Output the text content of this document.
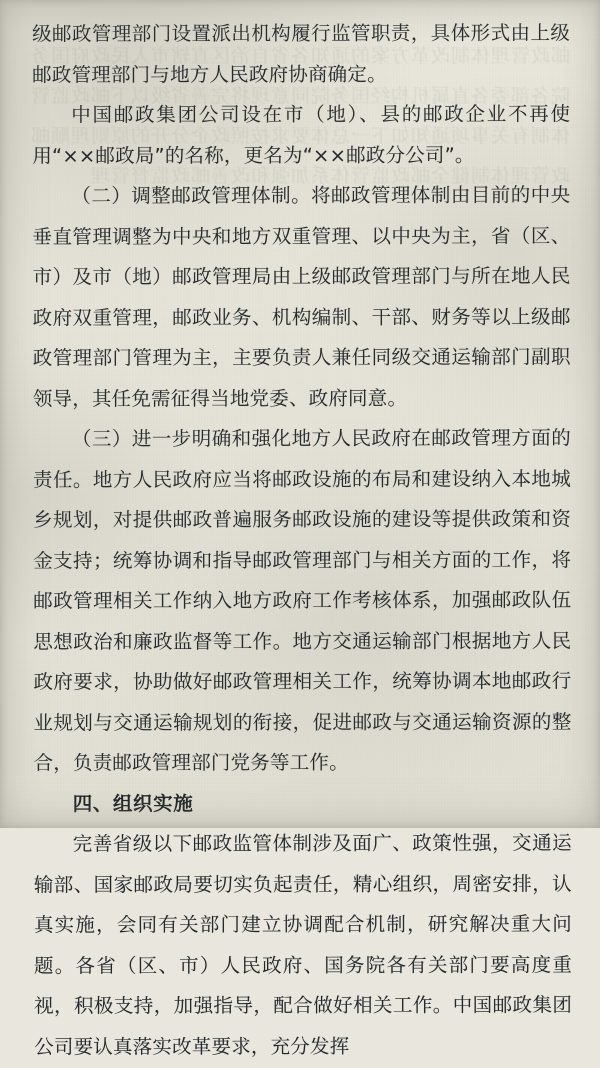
邮政管理体制改革方案的通知各省自治区直辖市人民政府国务院各部委各直属机构经国务院同意现将完善省级以下邮政监管体制有关事项通知如下一总体要求按照政企分开的原则理顺邮政管理体制健全邮政监管体系加强和改善邮政监督管理

级邮政管理部门设置派出机构履行监管职责，具体形式由上级邮政管理部门与地方人民政府协商确定。

中国邮政集团公司设在市（地）、县的邮政企业不再使用“××邮政局”的名称，更名为“××邮政分公司”。

（二）调整邮政管理体制。将邮政管理体制由目前的中央垂直管理调整为中央和地方双重管理、以中央为主，省（区、市）及市（地）邮政管理局由上级邮政管理部门与所在地人民政府双重管理，邮政业务、机构编制、干部、财务等以上级邮政管理部门管理为主，主要负责人兼任同级交通运输部门副职领导，其任免需征得当地党委、政府同意。

（三）进一步明确和强化地方人民政府在邮政管理方面的责任。地方人民政府应当将邮政设施的布局和建设纳入本地城乡规划，对提供邮政普遍服务邮政设施的建设等提供政策和资金支持；统筹协调和指导邮政管理部门与相关方面的工作，将邮政管理相关工作纳入地方政府工作考核体系，加强邮政队伍思想政治和廉政监督等工作。地方交通运输部门根据地方人民政府要求，协助做好邮政管理相关工作，统筹协调本地邮政行业规划与交通运输规划的衔接，促进邮政与交通运输资源的整合，负责邮政管理部门党务等工作。

四、组织实施

完善省级以下邮政监管体制涉及面广、政策性强，交通运输部、国家邮政局要切实负起责任，精心组织，周密安排，认真实施，会同有关部门建立协调配合机制，研究解决重大问题。各省（区、市）人民政府、国务院各有关部门要高度重视，积极支持，加强指导，配合做好相关工作。中国邮政集团公司要认真落实改革要求，充分发挥
